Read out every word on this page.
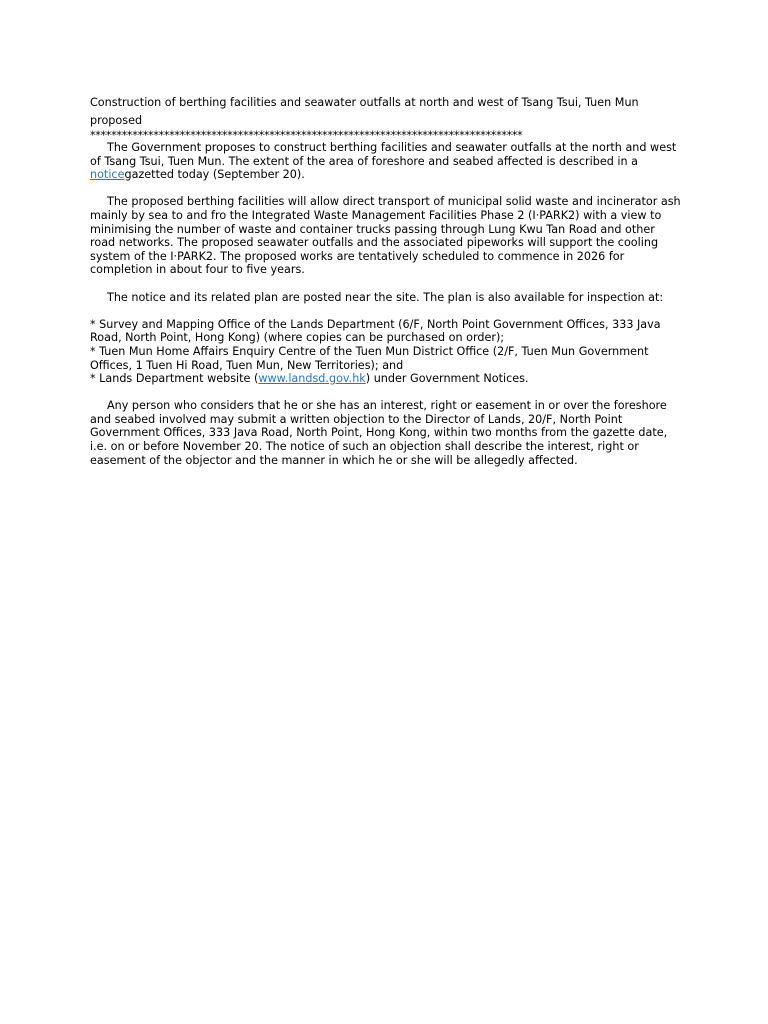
Construction of berthing facilities and seawater outfalls at north and west of Tsang Tsui, Tuen Mun
proposed

**********************************************************************************

The Government proposes to construct berthing facilities and seawater outfalls at the north and west of Tsang Tsui, Tuen Mun. The extent of the area of foreshore and seabed affected is described in a noticegazetted today (September 20).

The proposed berthing facilities will allow direct transport of municipal solid waste and incinerator ash mainly by sea to and fro the Integrated Waste Management Facilities Phase 2 (I·PARK2) with a view to minimising the number of waste and container trucks passing through Lung Kwu Tan Road and other road networks. The proposed seawater outfalls and the associated pipeworks will support the cooling system of the I·PARK2. The proposed works are tentatively scheduled to commence in 2026 for completion in about four to five years.

The notice and its related plan are posted near the site. The plan is also available for inspection at:

* Survey and Mapping Office of the Lands Department (6/F, North Point Government Offices, 333 Java Road, North Point, Hong Kong) (where copies can be purchased on order);

* Tuen Mun Home Affairs Enquiry Centre of the Tuen Mun District Office (2/F, Tuen Mun Government Offices, 1 Tuen Hi Road, Tuen Mun, New Territories); and

* Lands Department website (www.landsd.gov.hk) under Government Notices.

Any person who considers that he or she has an interest, right or easement in or over the foreshore and seabed involved may submit a written objection to the Director of Lands, 20/F, North Point Government Offices, 333 Java Road, North Point, Hong Kong, within two months from the gazette date, i.e. on or before November 20. The notice of such an objection shall describe the interest, right or easement of the objector and the manner in which he or she will be allegedly affected.
